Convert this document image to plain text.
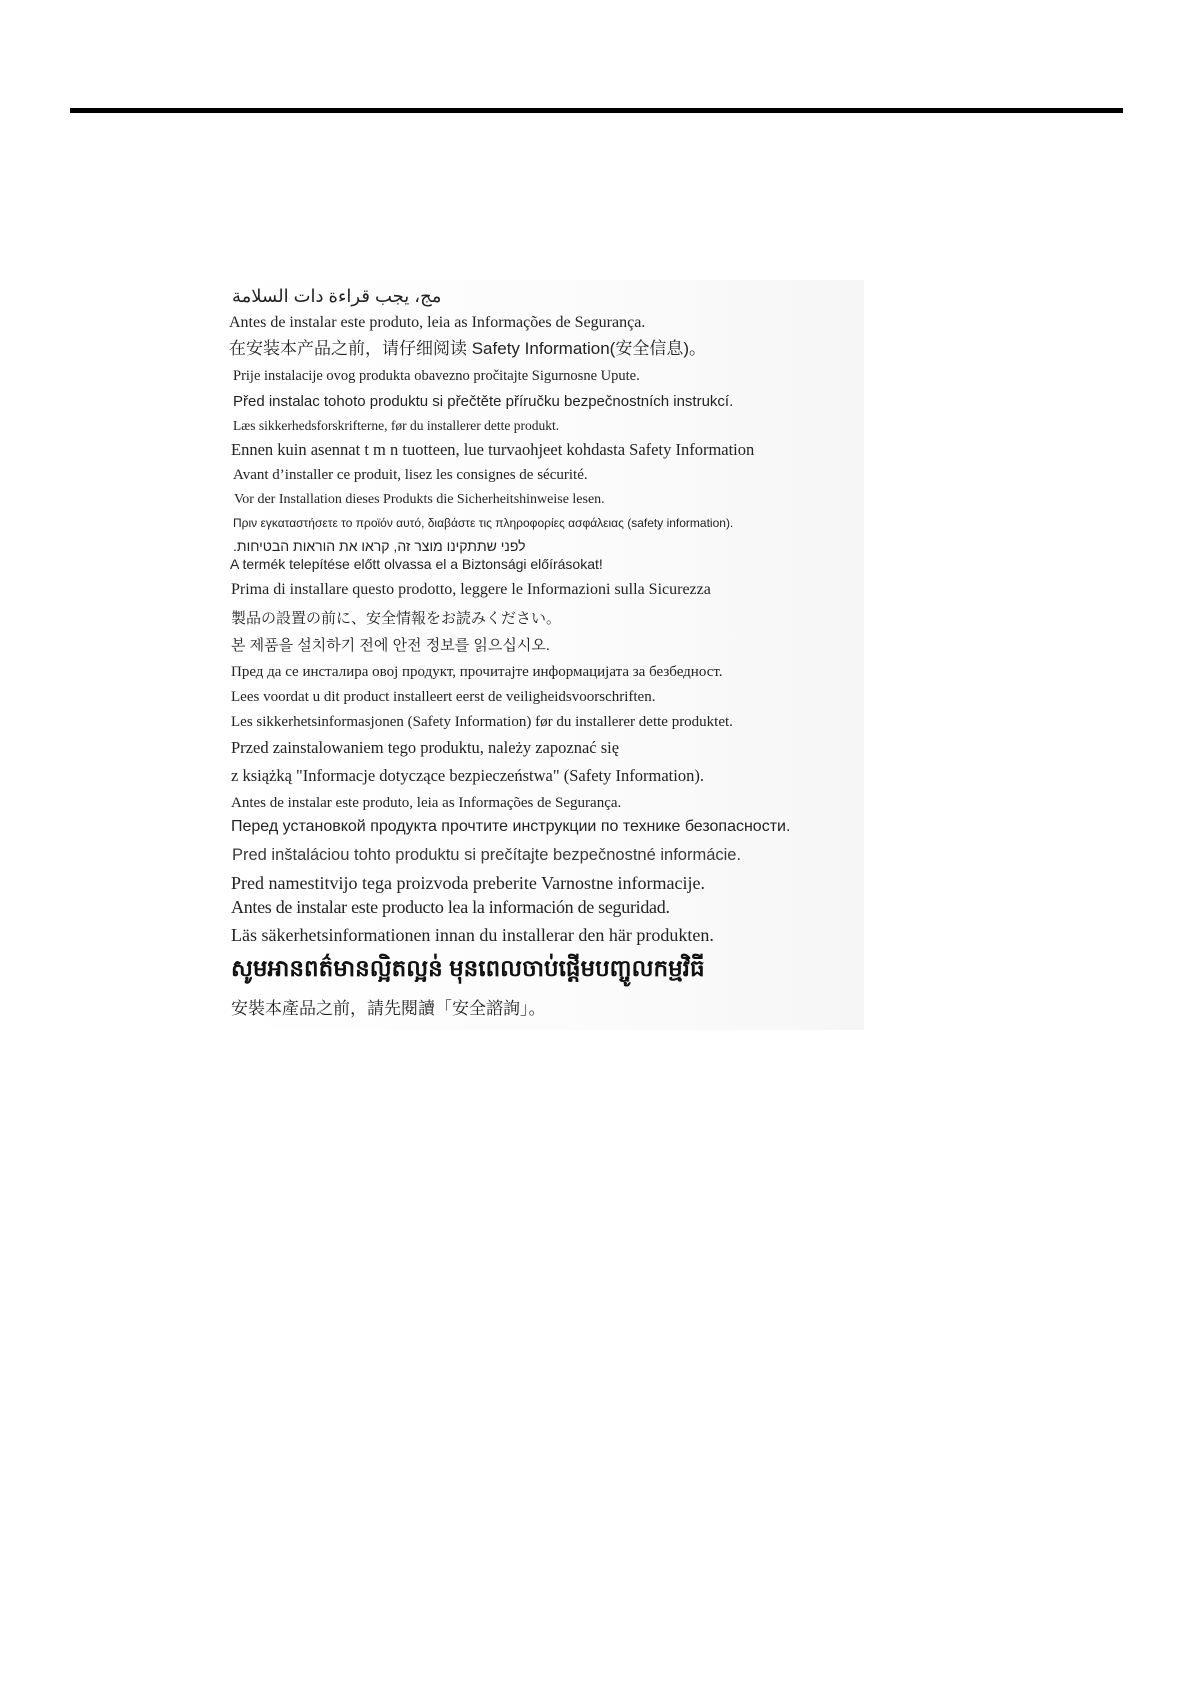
مج، يجب قراءة دات السلامة
Antes de instalar este produto, leia as Informações de Segurança.
在安装本产品之前，请仔细阅读 Safety Information(安全信息)。
Prije instalacije ovog produkta obavezno pročitajte Sigurnosne Upute.
Před instalac tohoto produktu si přečtěte příručku bezpečnostních instrukcí.
Læs sikkerhedsforskrifterne, før du installerer dette produkt.
Ennen kuin asennat t m n tuotteen, lue turvaohjeet kohdasta Safety Information
Avant d’installer ce produit, lisez les consignes de sécurité.
Vor der Installation dieses Produkts die Sicherheitshinweise lesen.
Πριν εγκαταστήσετε το προϊόν αυτό, διαβάστε τις πληροφορίες ασφάλειας (safety information).
לפני שתתקינו מוצר זה, קראו את הוראות הבטיחות.
A termék telepítése előtt olvassa el a Biztonsági előírásokat!
Prima di installare questo prodotto, leggere le Informazioni sulla Sicurezza
製品の設置の前に、安全情報をお読みください。
본 제품을 설치하기 전에 안전 정보를 읽으십시오.
Пред да се инсталира овој продукт, прочитајте информацијата за безбедност.
Lees voordat u dit product installeert eerst de veiligheidsvoorschriften.
Les sikkerhetsinformasjonen (Safety Information) før du installerer dette produktet.
Przed zainstalowaniem tego produktu, należy zapoznać się
z książką "Informacje dotyczące bezpieczeństwa" (Safety Information).
Antes de instalar este produto, leia as Informações de Segurança.
Перед установкой продукта прочтите инструкции по технике безопасности.
Pred inštaláciou tohto produktu si prečítajte bezpečnostné informácie.
Pred namestitvijo tega proizvoda preberite Varnostne informacije.
Antes de instalar este producto lea la información de seguridad.
Läs säkerhetsinformationen innan du installerar den här produkten.
សូមអានពត៌មានល្អិតល្អន់ មុនពេលចាប់ផ្តើមបញ្ចូលកម្មវិធី
安裝本產品之前，請先閱讀「安全諮詢」。
